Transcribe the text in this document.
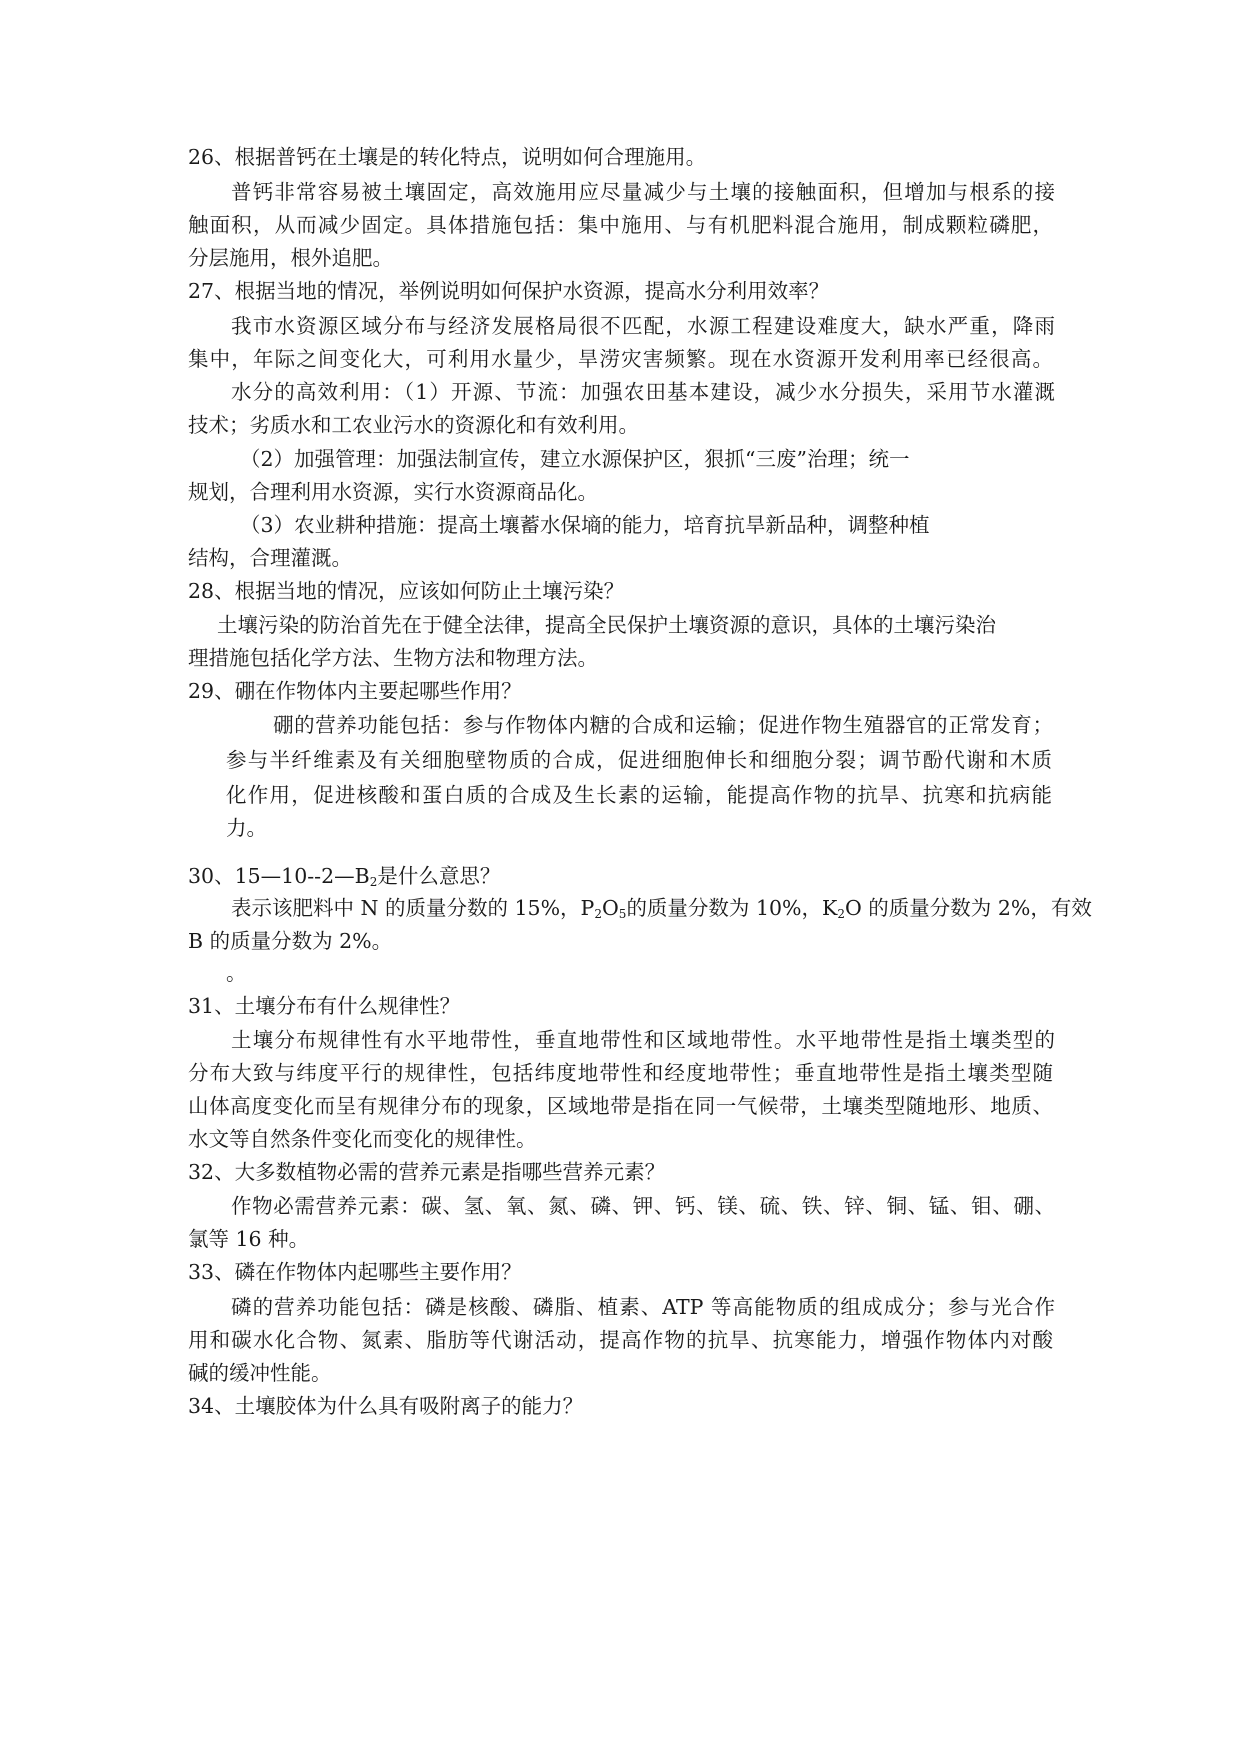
26、根据普钙在土壤是的转化特点，说明如何合理施用。
普钙非常容易被土壤固定，高效施用应尽量减少与土壤的接触面积，但增加与根系的接
触面积，从而减少固定。具体措施包括：集中施用、与有机肥料混合施用，制成颗粒磷肥，
分层施用，根外追肥。
27、根据当地的情况，举例说明如何保护水资源，提高水分利用效率？
我市水资源区域分布与经济发展格局很不匹配，水源工程建设难度大，缺水严重，降雨
集中，年际之间变化大，可利用水量少，旱涝灾害频繁。现在水资源开发利用率已经很高。
水分的高效利用：（1）开源、节流：加强农田基本建设，减少水分损失，采用节水灌溉
技术；劣质水和工农业污水的资源化和有效利用。
（2）加强管理：加强法制宣传，建立水源保护区，狠抓“三废”治理；统一
规划，合理利用水资源，实行水资源商品化。
（3）农业耕种措施：提高土壤蓄水保墒的能力，培育抗旱新品种，调整种植
结构，合理灌溉。
28、根据当地的情况，应该如何防止土壤污染？
土壤污染的防治首先在于健全法律，提高全民保护土壤资源的意识，具体的土壤污染治
理措施包括化学方法、生物方法和物理方法。
29、硼在作物体内主要起哪些作用？
硼的营养功能包括：参与作物体内糖的合成和运输；促进作物生殖器官的正常发育；
参与半纤维素及有关细胞壁物质的合成，促进细胞伸长和细胞分裂；调节酚代谢和木质
化作用，促进核酸和蛋白质的合成及生长素的运输，能提高作物的抗旱、抗寒和抗病能
力。
30、$15—10--2—B_2$是什么意思？
表示该肥料中 N 的质量分数的 15%，$P_2O_5$的质量分数为 10%，$K_2O$ 的质量分数为 2%，有效
B 的质量分数为 2%。
。
31、土壤分布有什么规律性？
土壤分布规律性有水平地带性，垂直地带性和区域地带性。水平地带性是指土壤类型的
分布大致与纬度平行的规律性，包括纬度地带性和经度地带性；垂直地带性是指土壤类型随
山体高度变化而呈有规律分布的现象，区域地带是指在同一气候带，土壤类型随地形、地质、
水文等自然条件变化而变化的规律性。
32、大多数植物必需的营养元素是指哪些营养元素？
作物必需营养元素：碳、氢、氧、氮、磷、钾、钙、镁、硫、铁、锌、铜、锰、钼、硼、
氯等 16 种。
33、磷在作物体内起哪些主要作用？
磷的营养功能包括：磷是核酸、磷脂、植素、ATP 等高能物质的组成成分；参与光合作
用和碳水化合物、氮素、脂肪等代谢活动，提高作物的抗旱、抗寒能力，增强作物体内对酸
碱的缓冲性能。
34、土壤胶体为什么具有吸附离子的能力？
